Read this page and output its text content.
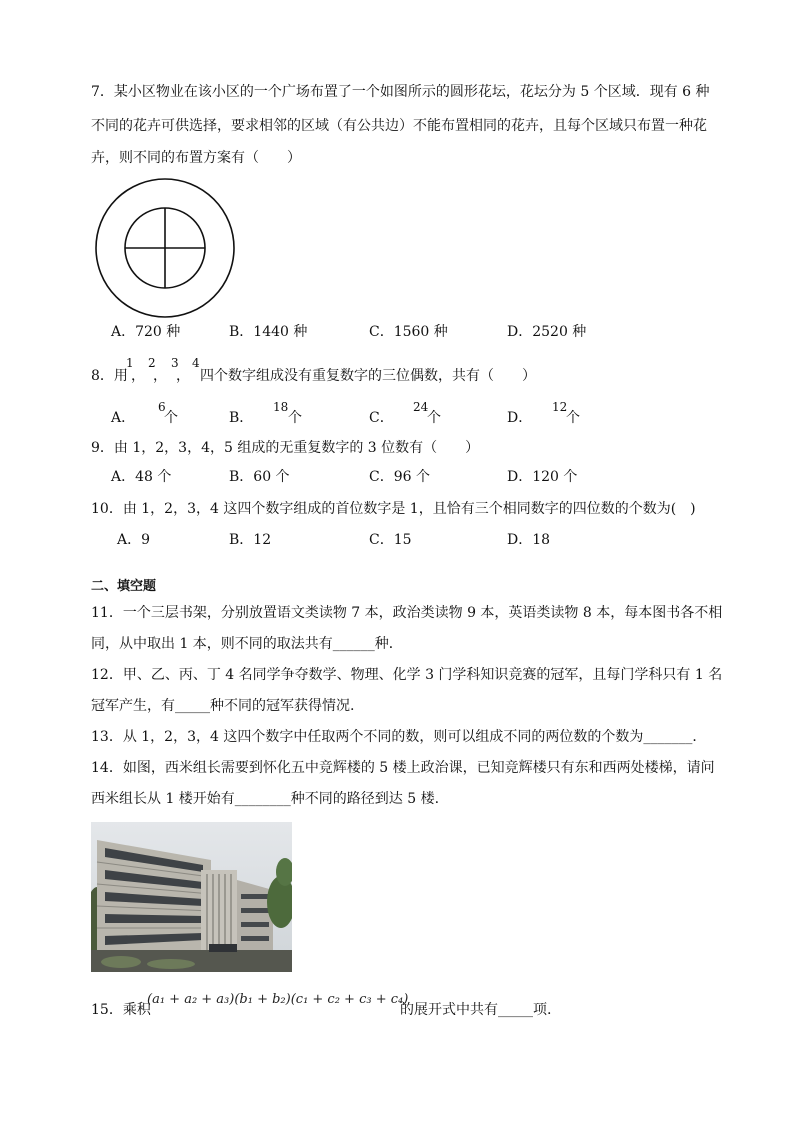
7．某小区物业在该小区的一个广场布置了一个如图所示的圆形花坛，花坛分为 5 个区域．现有 6 种
不同的花卉可供选择，要求相邻的区域（有公共边）不能布置相同的花卉，且每个区域只布置一种花
卉，则不同的布置方案有（　　）
A．720 种	B．1440 种	C．1560 种	D．2520 种
8．用
1
，
2
，
3
，
4
四个数字组成没有重复数字的三位偶数，共有（　　）
A．
6
个	B．
18
个	C．
24
个	D．
12
个
9．由 1，2，3，4，5 组成的无重复数字的 3 位数有（　　）
A．48 个	B．60 个	C．96 个	D．120 个
10．由 1，2，3，4 这四个数字组成的首位数字是 1，且恰有三个相同数字的四位数的个数为(　)
A．9	B．12	C．15	D．18
二、填空题
11．一个三层书架，分别放置语文类读物 7 本，政治类读物 9 本，英语类读物 8 本，每本图书各不相
同，从中取出 1 本，则不同的取法共有______种．
12．甲、乙、丙、丁 4 名同学争夺数学、物理、化学 3 门学科知识竞赛的冠军，且每门学科只有 1 名
冠军产生，有_____种不同的冠军获得情况.
13．从 1，2，3，4 这四个数字中任取两个不同的数，则可以组成不同的两位数的个数为_______．
14．如图，西米组长需要到怀化五中竞辉楼的 5 楼上政治课，已知竞辉楼只有东和西两处楼梯，请问
西米组长从 1 楼开始有________种不同的路径到达 5 楼.
15．乘积
(a₁ + a₂ + a₃)(b₁ + b₂)(c₁ + c₂ + c₃ + c₄)
的展开式中共有_____项.
